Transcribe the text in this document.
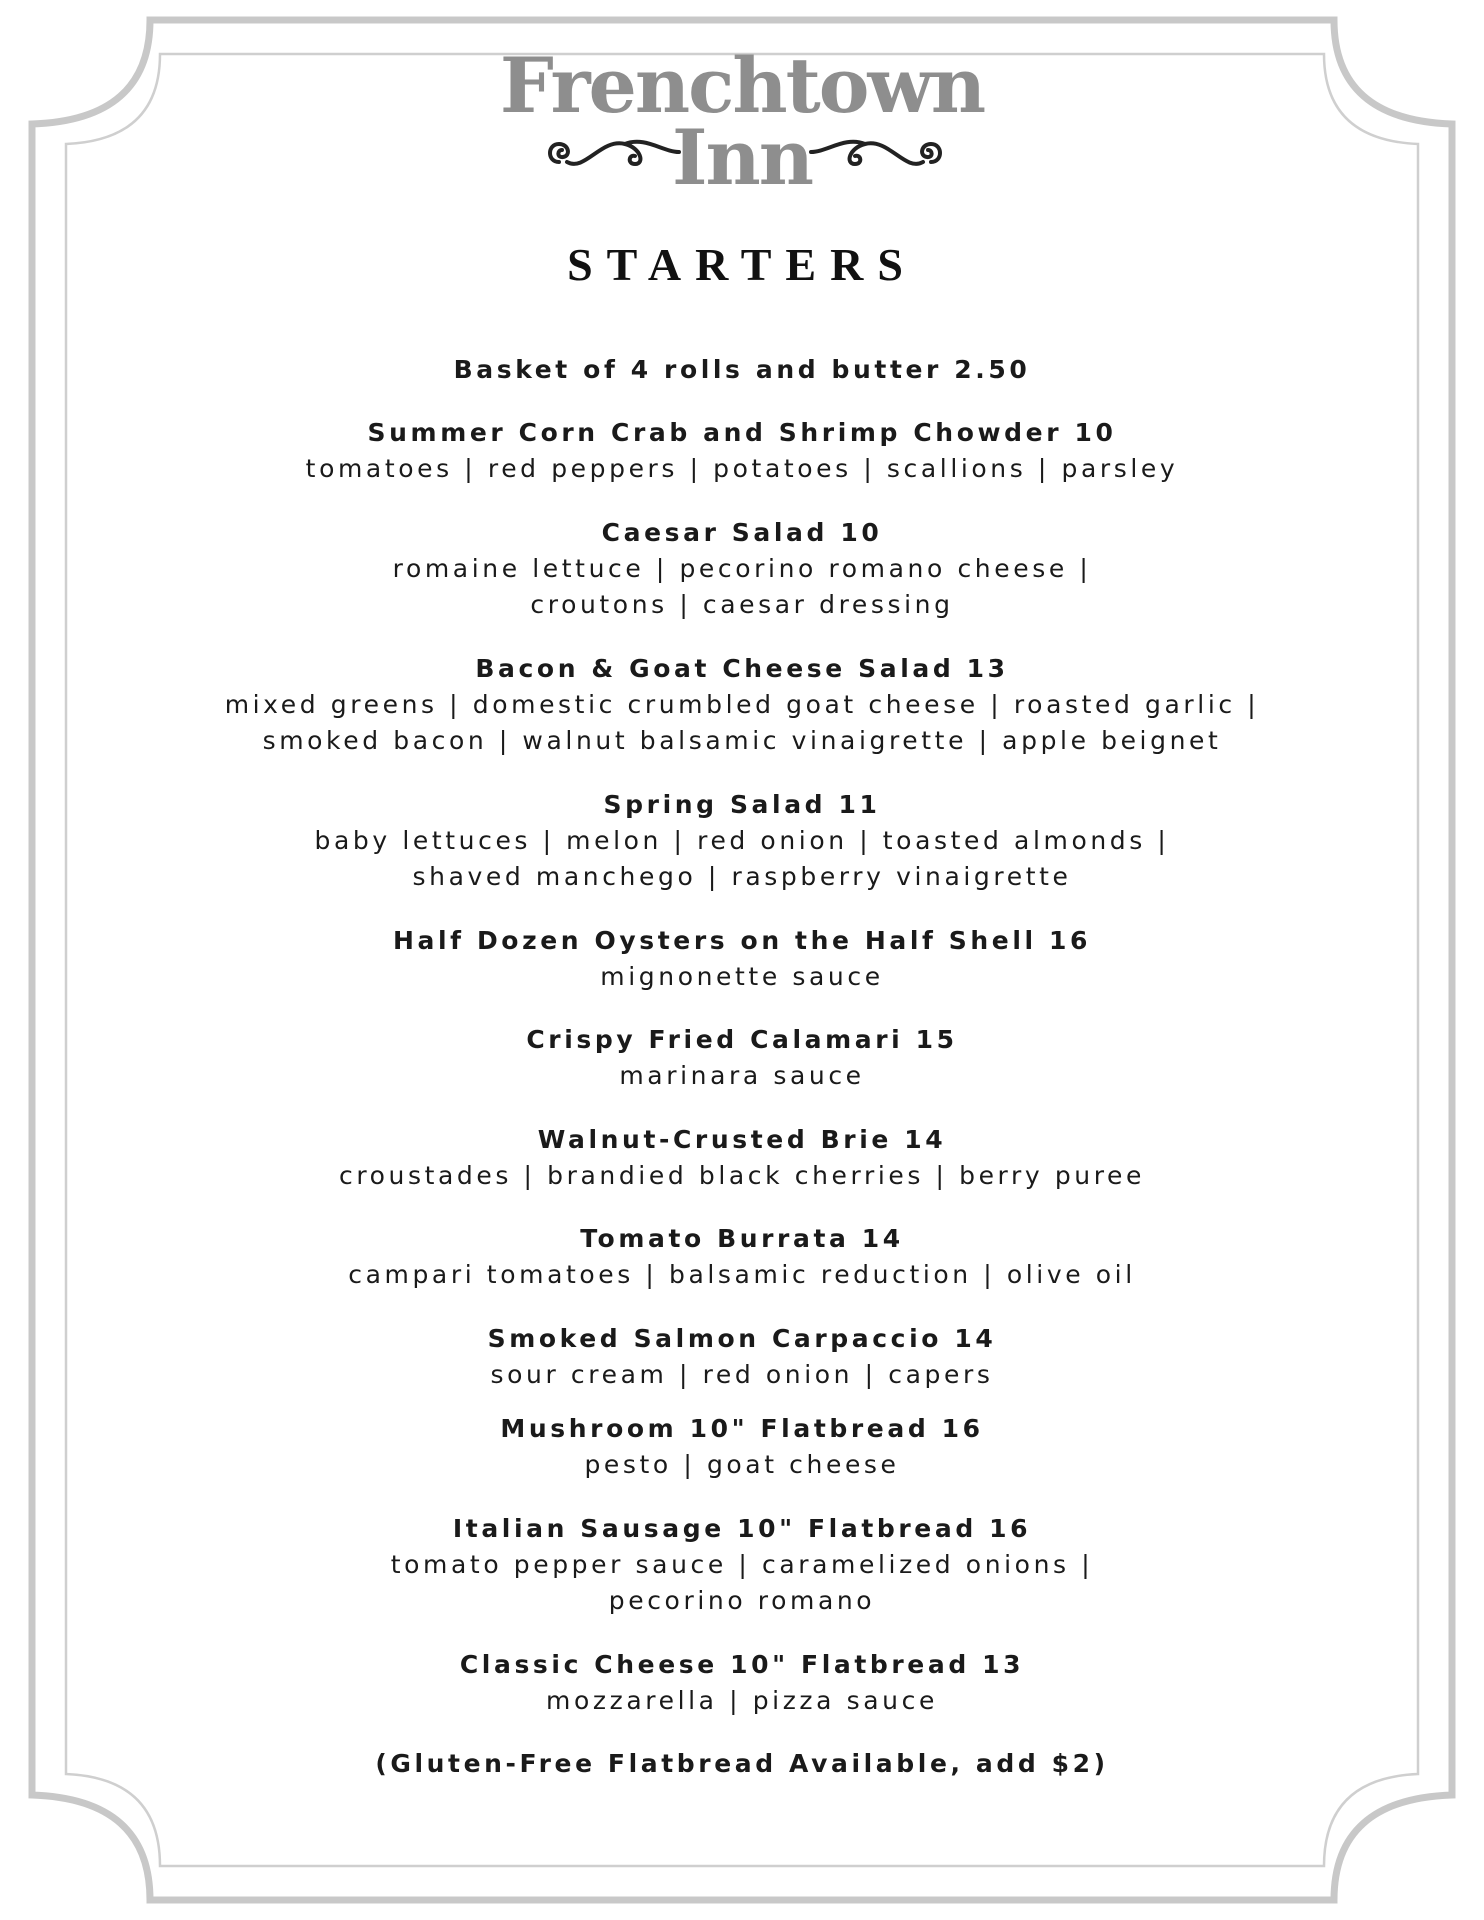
Frenchtown
Inn
STARTERS
Basket of 4 rolls and butter 2.50
Summer Corn Crab and Shrimp Chowder 10
tomatoes | red peppers | potatoes | scallions | parsley
Caesar Salad 10
romaine lettuce | pecorino romano cheese |
croutons | caesar dressing
Bacon & Goat Cheese Salad 13
mixed greens | domestic crumbled goat cheese | roasted garlic |
smoked bacon | walnut balsamic vinaigrette | apple beignet
Spring Salad 11
baby lettuces | melon | red onion | toasted almonds |
shaved manchego | raspberry vinaigrette
Half Dozen Oysters on the Half Shell 16
mignonette sauce
Crispy Fried Calamari 15
marinara sauce
Walnut-Crusted Brie 14
croustades | brandied black cherries | berry puree
Tomato Burrata 14
campari tomatoes | balsamic reduction | olive oil
Smoked Salmon Carpaccio 14
sour cream | red onion | capers
Mushroom 10" Flatbread 16
pesto | goat cheese
Italian Sausage 10" Flatbread 16
tomato pepper sauce | caramelized onions |
pecorino romano
Classic Cheese 10" Flatbread 13
mozzarella | pizza sauce
(Gluten-Free Flatbread Available, add $2)
